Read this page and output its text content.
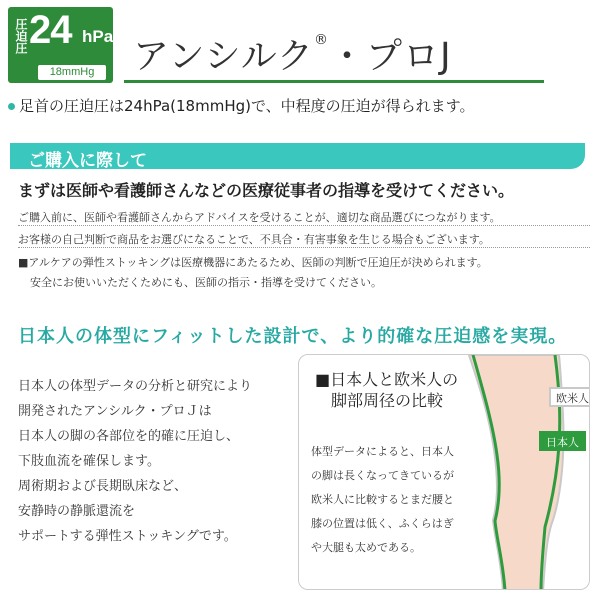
圧迫圧 24 hPa
18mmHg	アンシルク®・プロJ
足首の圧迫圧は24hPa(18mmHg)で、中程度の圧迫が得られます。
ご購入に際して
まずは医師や看護師さんなどの医療従事者の指導を受けてください。
ご購入前に、医師や看護師さんからアドバイスを受けることが、適切な商品選びにつながります。
お客様の自己判断で商品をお選びになることで、不具合・有害事象を生じる場合もございます。
■アルケアの弾性ストッキングは医療機器にあたるため、医師の判断で圧迫圧が決められます。
安全にお使いいただくためにも、医師の指示・指導を受けてください。
日本人の体型にフィットした設計で、より的確な圧迫感を実現。
日本人の体型データの分析と研究により
開発されたアンシルク・プロＪは
日本人の脚の各部位を的確に圧迫し、
下肢血流を確保します。
周術期および長期臥床など、
安静時の静脈還流を
サポートする弾性ストッキングです。
■日本人と欧米人の
　脚部周径の比較	欧米人
日本人
体型データによると、日本人
の脚は長くなってきているが
欧米人に比較するとまだ腰と
膝の位置は低く、ふくらはぎ
や大腿も太めである。
